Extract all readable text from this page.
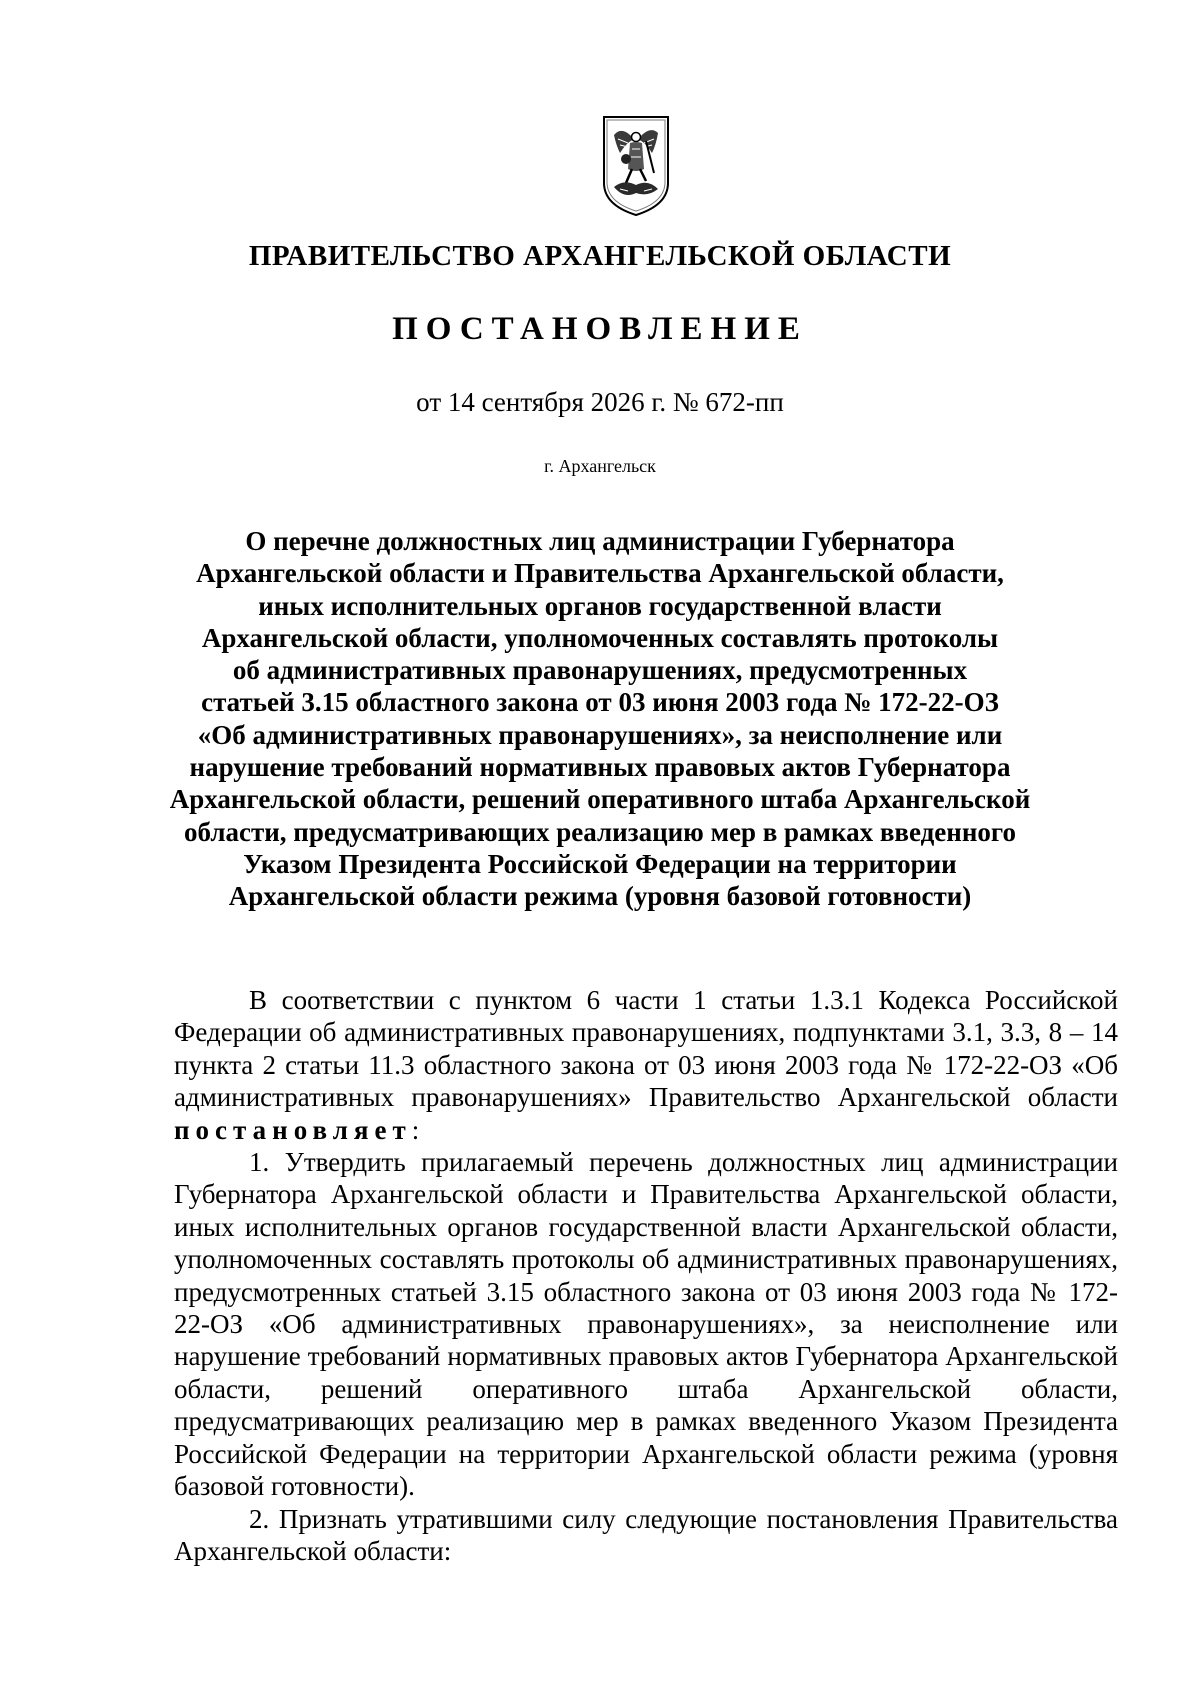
ПРАВИТЕЛЬСТВО АРХАНГЕЛЬСКОЙ ОБЛАСТИ
ПОСТАНОВЛЕНИЕ
от 14 сентября 2026 г. № 672-пп
г. Архангельск
О перечне должностных лиц администрации Губернатора
Архангельской области и Правительства Архангельской области,
иных исполнительных органов государственной власти
Архангельской области, уполномоченных составлять протоколы
об административных правонарушениях, предусмотренных
статьей 3.15 областного закона от 03 июня 2003 года № 172-22-ОЗ
«Об административных правонарушениях», за неисполнение или
нарушение требований нормативных правовых актов Губернатора
Архангельской области, решений оперативного штаба Архангельской
области, предусматривающих реализацию мер в рамках введенного
Указом Президента Российской Федерации на территории
Архангельской области режима (уровня базовой готовности)

В соответствии с пунктом 6 части 1 статьи 1.3.1 Кодекса Российской Федерации об административных правонарушениях, подпунктами 3.1, 3.3, 8 – 14 пункта 2 статьи 11.3 областного закона от 03 июня 2003 года № 172-22-ОЗ «Об административных правонарушениях» Правительство Архангельской области постановляет:

1. Утвердить прилагаемый перечень должностных лиц администрации Губернатора Архангельской области и Правительства Архангельской области, иных исполнительных органов государственной власти Архангельской области, уполномоченных составлять протоколы об административных правонарушениях, предусмотренных статьей 3.15 областного закона от 03 июня 2003 года № 172-22-ОЗ «Об административных правонарушениях», за неисполнение или нарушение требований нормативных правовых актов Губернатора Архангельской области, решений оперативного штаба Архангельской области, предусматривающих реализацию мер в рамках введенного Указом Президента Российской Федерации на территории Архангельской области режима (уровня базовой готовности).

2. Признать утратившими силу следующие постановления Правительства Архангельской области:
